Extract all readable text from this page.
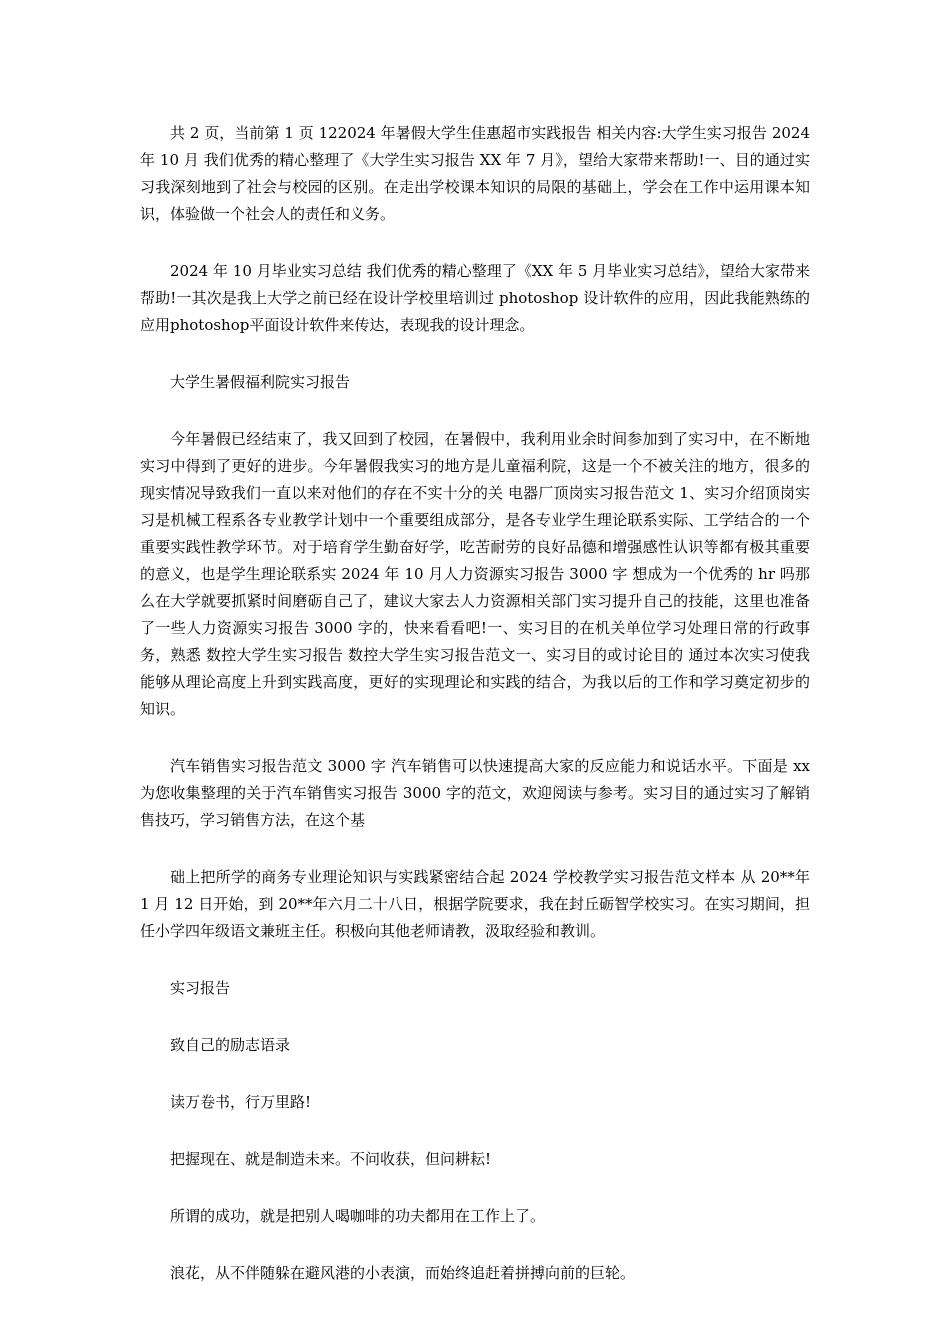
共 2 页，当前第 1 页 122024 年暑假大学生佳惠超市实践报告 相关内容:大学生实习报告 2024 年 10 月 我们优秀的精心整理了《大学生实习报告 XX 年 7 月》，望给大家带来帮助!一、目的通过实习我深刻地到了社会与校园的区别。在走出学校课本知识的局限的基础上，学会在工作中运用课本知识，体验做一个社会人的责任和义务。

2024 年 10 月毕业实习总结 我们优秀的精心整理了《XX 年 5 月毕业实习总结》，望给大家带来帮助!一其次是我上大学之前已经在设计学校里培训过 photoshop 设计软件的应用，因此我能熟练的应用photoshop平面设计软件来传达，表现我的设计理念。

大学生暑假福利院实习报告

今年暑假已经结束了，我又回到了校园，在暑假中，我利用业余时间参加到了实习中，在不断地实习中得到了更好的进步。今年暑假我实习的地方是儿童福利院，这是一个不被关注的地方，很多的现实情况导致我们一直以来对他们的存在不实十分的关 电器厂顶岗实习报告范文 1、实习介绍顶岗实习是机械工程系各专业教学计划中一个重要组成部分，是各专业学生理论联系实际、工学结合的一个重要实践性教学环节。对于培育学生勤奋好学，吃苦耐劳的良好品德和增强感性认识等都有极其重要的意义，也是学生理论联系实 2024 年 10 月人力资源实习报告 3000 字 想成为一个优秀的 hr 吗那么在大学就要抓紧时间磨砺自己了，建议大家去人力资源相关部门实习提升自己的技能，这里也准备了一些人力资源实习报告 3000 字的，快来看看吧!一、实习目的在机关单位学习处理日常的行政事务，熟悉 数控大学生实习报告 数控大学生实习报告范文一、实习目的或讨论目的 通过本次实习使我能够从理论高度上升到实践高度，更好的实现理论和实践的结合，为我以后的工作和学习奠定初步的知识。

汽车销售实习报告范文 3000 字 汽车销售可以快速提高大家的反应能力和说话水平。下面是 xx 为您收集整理的关于汽车销售实习报告 3000 字的范文，欢迎阅读与参考。实习目的通过实习了解销售技巧，学习销售方法，在这个基

础上把所学的商务专业理论知识与实践紧密结合起 2024 学校教学实习报告范文样本 从 20**年 1 月 12 日开始，到 20**年六月二十八日，根据学院要求，我在封丘砺智学校实习。在实习期间，担任小学四年级语文兼班主任。积极向其他老师请教，汲取经验和教训。

实习报告

致自己的励志语录

读万卷书，行万里路!

把握现在、就是制造未来。不问收获，但问耕耘!

所谓的成功，就是把别人喝咖啡的功夫都用在工作上了。

浪花，从不伴随躲在避风港的小表演，而始终追赶着拼搏向前的巨轮。
